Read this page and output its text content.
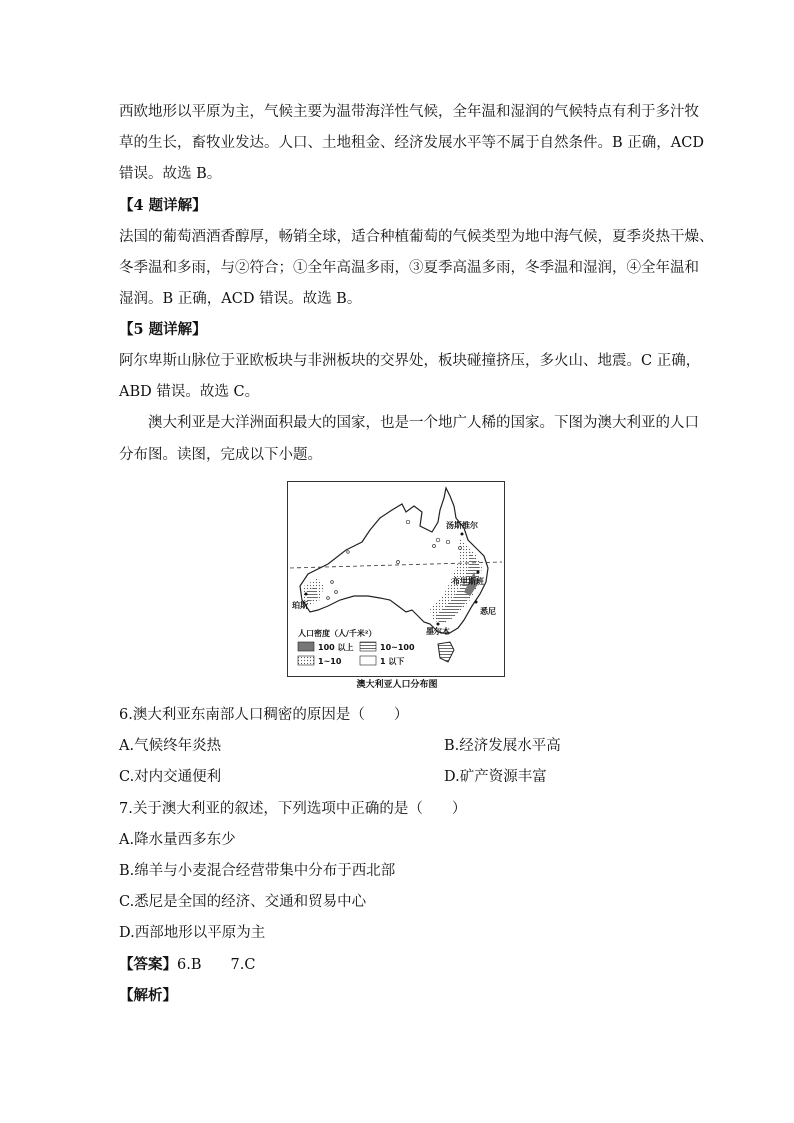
西欧地形以平原为主，气候主要为温带海洋性气候，全年温和湿润的气候特点有利于多汁牧
草的生长，畜牧业发达。人口、土地租金、经济发展水平等不属于自然条件。B 正确，ACD
错误。故选 B。
【4 题详解】
法国的葡萄酒酒香醇厚，畅销全球，适合种植葡萄的气候类型为地中海气候，夏季炎热干燥、
冬季温和多雨，与②符合；①全年高温多雨，③夏季高温多雨，冬季温和湿润，④全年温和
湿润。B 正确，ACD 错误。故选 B。
【5 题详解】
阿尔卑斯山脉位于亚欧板块与非洲板块的交界处，板块碰撞挤压，多火山、地震。C 正确，
ABD 错误。故选 C。
澳大利亚是大洋洲面积最大的国家，也是一个地广人稀的国家。下图为澳大利亚的人口
分布图。读图，完成以下小题。
汤斯维尔
布里斯班
悉尼
墨尔本
珀斯
人口密度（人/千米²）
100 以上	10~100
1~10	1 以下
澳大利亚人口分布图
6.澳大利亚东南部人口稠密的原因是（　　）
A.气候终年炎热	B.经济发展水平高
C.对内交通便利	D.矿产资源丰富
7.关于澳大利亚的叙述，下列选项中正确的是（　　）
A.降水量西多东少
B.绵羊与小麦混合经营带集中分布于西北部
C.悉尼是全国的经济、交通和贸易中心
D.西部地形以平原为主
【答案】6.B　　7.C
【解析】
